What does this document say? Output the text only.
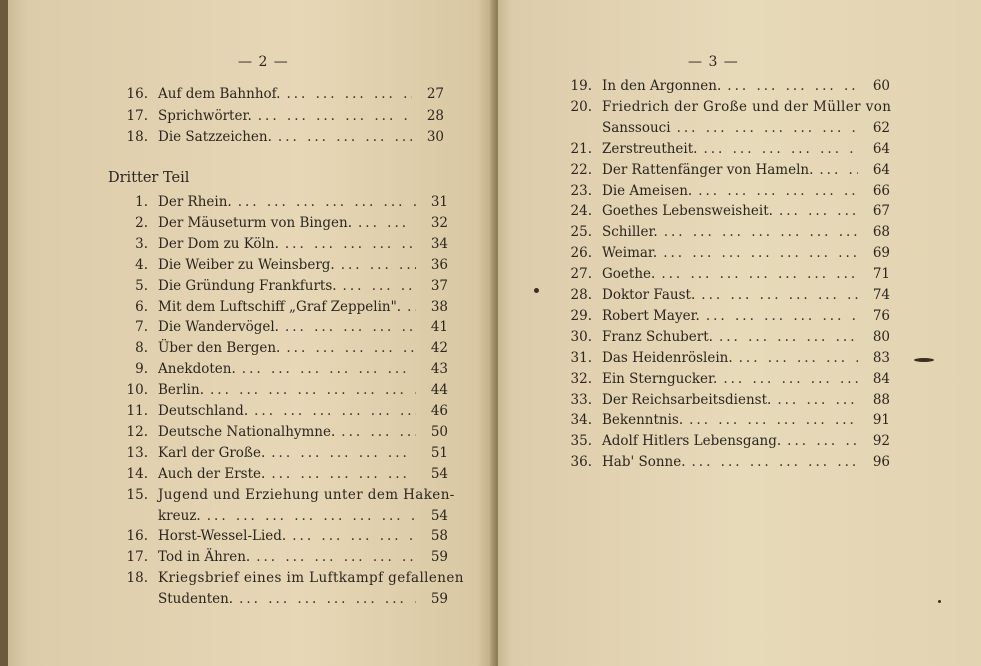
— 2 —
16. Auf dem Bahnhof. ... .	27
17. Sprichwörter. ... .	28
18. Die Satzzeichen. ... .	30
Dritter Teil
1. Der Rhein. ... .	31
2. Der Mäuseturm von Bingen. ... .	32
3. Der Dom zu Köln. ... .	34
4. Die Weiber zu Weinsberg. ... .	36
5. Die Gründung Frankfurts. ... .	37
6. Mit dem Luftschiff „Graf Zeppelin". ... .	38
7. Die Wandervögel. ... .	41
8. Über den Bergen. ... .	42
9. Anekdoten. ... .	43
10. Berlin. ... .	44
11. Deutschland. ... .	46
12. Deutsche Nationalhymne. ... .	50
13. Karl der Große. ... .	51
14. Auch der Erste. ... .	54
15. Jugend und Erziehung unter dem Haken-
kreuz. ... .	54
16. Horst-Wessel-Lied. ... .	58
17. Tod in Ähren. ... .	59
18. Kriegsbrief eines im Luftkampf gefallenen
Studenten. ... .	59
— 3 —
19. In den Argonnen. ... .	60
20. Friedrich der Große und der Müller von
Sanssouci ... .	62
21. Zerstreutheit. ... .	64
22. Der Rattenfänger von Hameln. ... .	64
23. Die Ameisen. ... .	66
24. Goethes Lebensweisheit. ... .	67
25. Schiller. ... .	68
26. Weimar. ... .	69
27. Goethe. ... .	71
28. Doktor Faust. ... .	74
29. Robert Mayer. ... .	76
30. Franz Schubert. ... .	80
31. Das Heidenröslein. ... .	83
32. Ein Sterngucker. ... .	84
33. Der Reichsarbeitsdienst. ... .	88
34. Bekenntnis. ... .	91
35. Adolf Hitlers Lebensgang. ... .	92
36. Hab' Sonne. ... .	96
